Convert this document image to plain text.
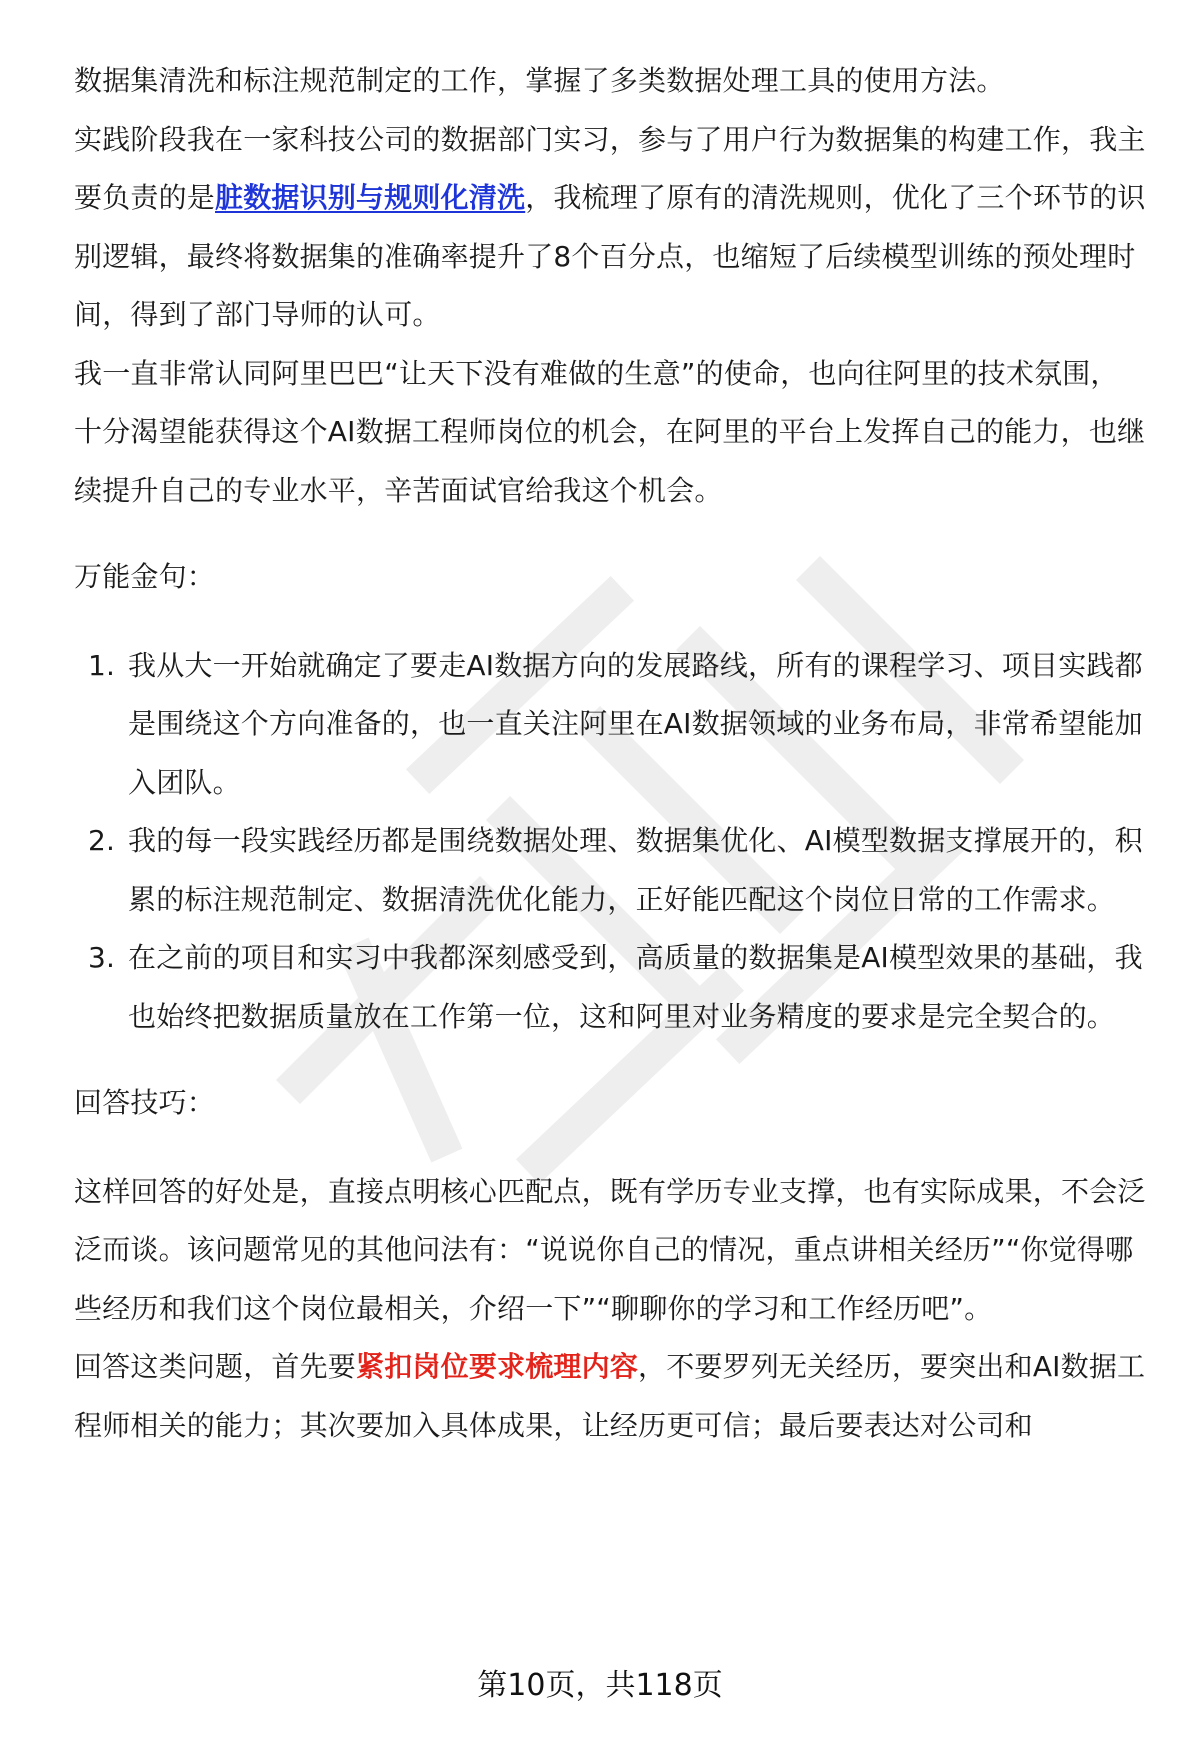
数据集清洗和标注规范制定的工作，掌握了多类数据处理工具的使用方法。

实践阶段我在一家科技公司的数据部门实习，参与了用户行为数据集的构建工作，我主要负责的是脏数据识别与规则化清洗，我梳理了原有的清洗规则，优化了三个环节的识别逻辑，最终将数据集的准确率提升了8个百分点，也缩短了后续模型训练的预处理时间，得到了部门导师的认可。

我一直非常认同阿里巴巴“让天下没有难做的生意”的使命，也向往阿里的技术氛围，十分渴望能获得这个AI数据工程师岗位的机会，在阿里的平台上发挥自己的能力，也继续提升自己的专业水平，辛苦面试官给我这个机会。

万能金句：

1. 我从大一开始就确定了要走AI数据方向的发展路线，所有的课程学习、项目实践都是围绕这个方向准备的，也一直关注阿里在AI数据领域的业务布局，非常希望能加入团队。
2. 我的每一段实践经历都是围绕数据处理、数据集优化、AI模型数据支撑展开的，积累的标注规范制定、数据清洗优化能力，正好能匹配这个岗位日常的工作需求。
3. 在之前的项目和实习中我都深刻感受到，高质量的数据集是AI模型效果的基础，我也始终把数据质量放在工作第一位，这和阿里对业务精度的要求是完全契合的。

回答技巧：

这样回答的好处是，直接点明核心匹配点，既有学历专业支撑，也有实际成果，不会泛泛而谈。该问题常见的其他问法有：“说说你自己的情况，重点讲相关经历”“你觉得哪些经历和我们这个岗位最相关，介绍一下”“聊聊你的学习和工作经历吧”。

回答这类问题，首先要紧扣岗位要求梳理内容，不要罗列无关经历，要突出和AI数据工程师相关的能力；其次要加入具体成果，让经历更可信；最后要表达对公司和

第10页，共118页
